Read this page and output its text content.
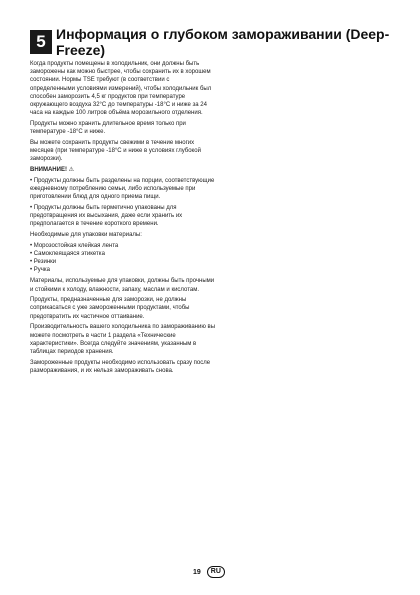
5 Информация о глубоком замораживании (Deep-Freeze)

Когда продукты помещены в холодильник, они должны быть заморожены как можно быстрее, чтобы сохранить их в хорошем состоянии. Нормы TSE требуют (в соответствии с определенными условиями измерений), чтобы холодильник был способен заморозить 4,5 кг продуктов при температуре окружающего воздуха 32°С до температуры -18°С и ниже за 24 часа на каждые 100 литров объёма морозильного отделения.

Продукты можно хранить длительное время только при температуре -18°С и ниже.

Вы можете сохранить продукты свежими в течение многих месяцев (при температуре -18°С и ниже в условиях глубокой заморозки).

ВНИМАНИЕ! ⚠

• Продукты должны быть разделены на порции, соответствующие ежедневному потреблению семьи, либо используемые при приготовлении блюд для одного приема пищи.

• Продукты должны быть герметично упакованы для предотвращения их высыхания, даже если хранить их предполагается в течение короткого времени.

Необходимые для упаковки материалы:

• Морозостойкая клейкая лента
• Самоклеящаяся этикетка
• Резинки
• Ручка

Материалы, используемые для упаковки, должны быть прочными и стойкими к холоду, влажности, запаху, маслам и кислотам.

Продукты, предназначенные для заморозки, не должны соприкасаться с уже замороженными продуктами, чтобы предотвратить их частичное оттаивание.

Производительность вашего холодильника по замораживанию вы можете посмотреть в части 1 раздела «Технические характеристики». Всегда следуйте значениям, указанным в таблицах периодов хранения.

Замороженные продукты необходимо использовать сразу после размораживания, и их нельзя замораживать снова.

19	RU
